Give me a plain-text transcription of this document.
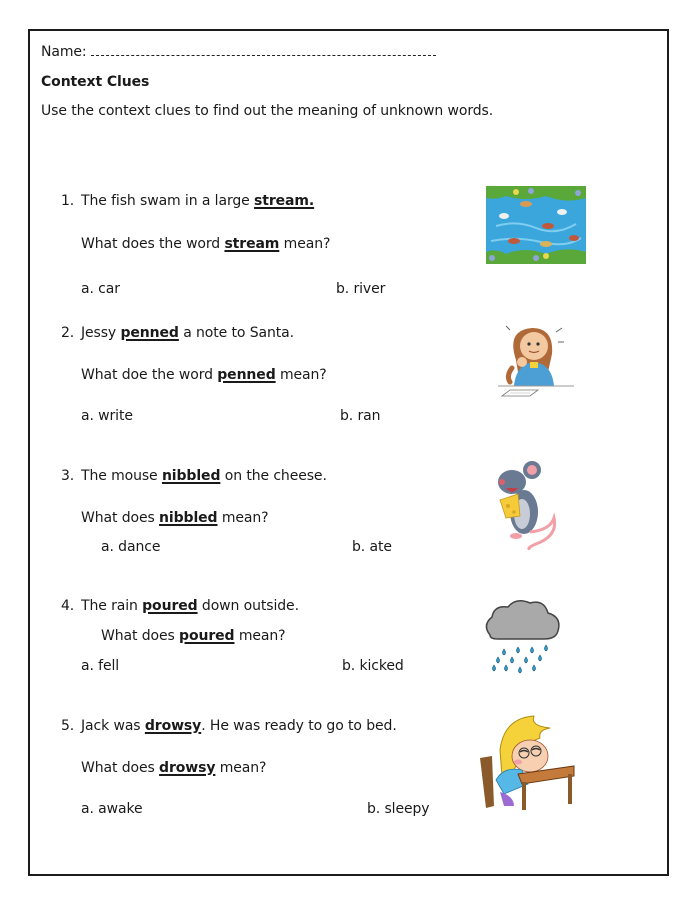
Name:
Context Clues
Use the context clues to find out the meaning of unknown words.
1. The fish swam in a large stream.
What does the word stream mean?
a. car	b. river
2. Jessy penned a note to Santa.
What doe the word penned mean?
a. write	b. ran
3. The mouse nibbled on the cheese.
What does nibbled mean?
a. dance	b. ate
4. The rain poured down outside.
What does poured mean?
a. fell	b. kicked
5. Jack was drowsy. He was ready to go to bed.
What does drowsy mean?
a. awake	b. sleepy
